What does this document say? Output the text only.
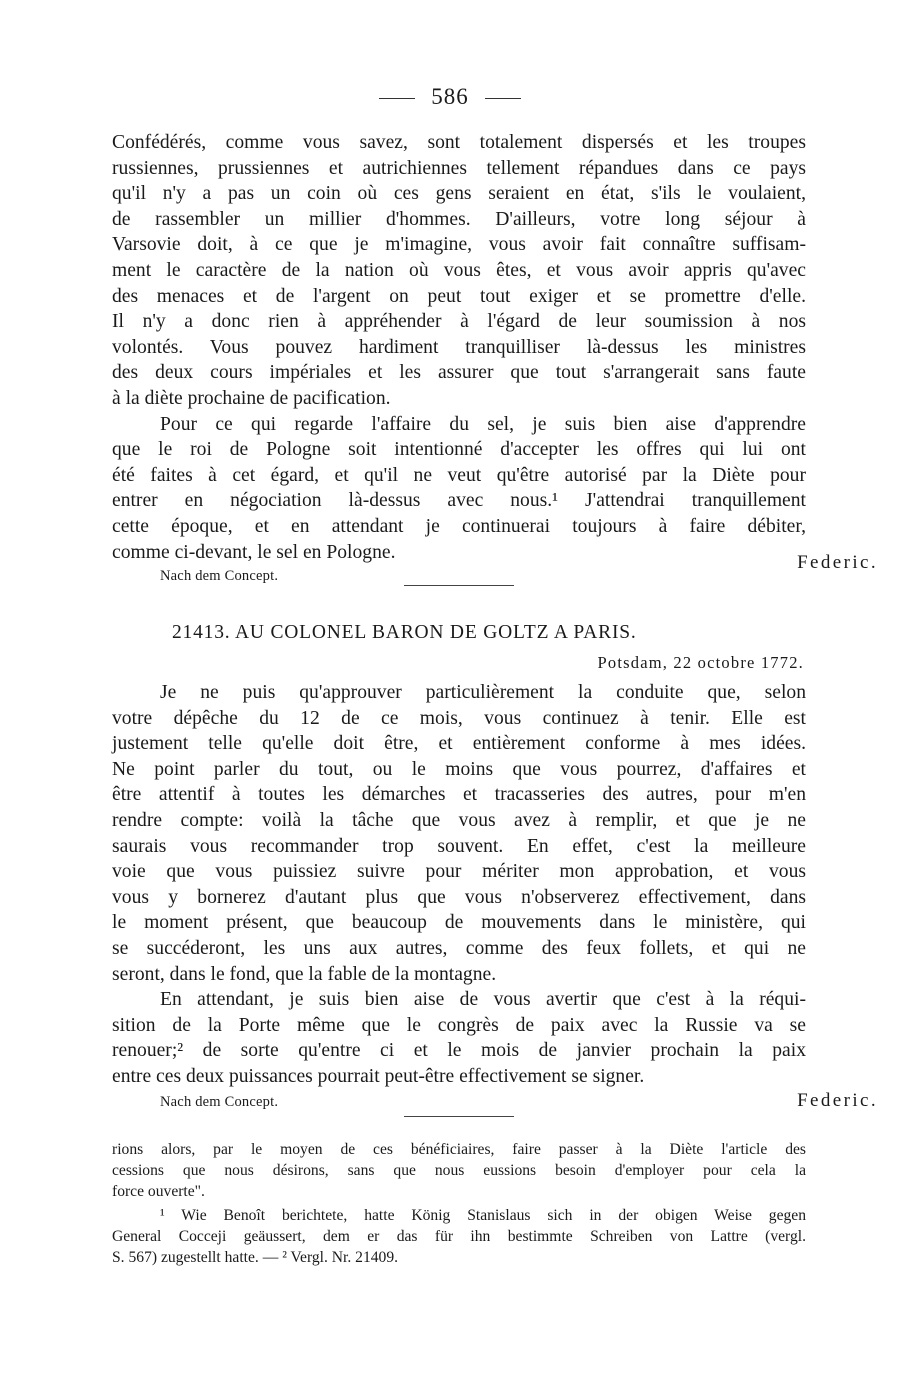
586
Confédérés, comme vous savez, sont totalement dispersés et les troupes
russiennes, prussiennes et autrichiennes tellement répandues dans ce pays
qu'il n'y a pas un coin où ces gens seraient en état, s'ils le voulaient,
de rassembler un millier d'hommes. D'ailleurs, votre long séjour à
Varsovie doit, à ce que je m'imagine, vous avoir fait connaître suffisam-
ment le caractère de la nation où vous êtes, et vous avoir appris qu'avec
des menaces et de l'argent on peut tout exiger et se promettre d'elle.
Il n'y a donc rien à appréhender à l'égard de leur soumission à nos
volontés. Vous pouvez hardiment tranquilliser là-dessus les ministres
des deux cours impériales et les assurer que tout s'arrangerait sans faute
à la diète prochaine de pacification.
Pour ce qui regarde l'affaire du sel, je suis bien aise d'apprendre
que le roi de Pologne soit intentionné d'accepter les offres qui lui ont
été faites à cet égard, et qu'il ne veut qu'être autorisé par la Diète pour
entrer en négociation là-dessus avec nous.¹ J'attendrai tranquillement
cette époque, et en attendant je continuerai toujours à faire débiter,
comme ci-devant, le sel en Pologne.	Federic.
Nach dem Concept.
21413. AU COLONEL BARON DE GOLTZ A PARIS.
Potsdam, 22 octobre 1772.
Je ne puis qu'approuver particulièrement la conduite que, selon
votre dépêche du 12 de ce mois, vous continuez à tenir. Elle est
justement telle qu'elle doit être, et entièrement conforme à mes idées.
Ne point parler du tout, ou le moins que vous pourrez, d'affaires et
être attentif à toutes les démarches et tracasseries des autres, pour m'en
rendre compte: voilà la tâche que vous avez à remplir, et que je ne
saurais vous recommander trop souvent. En effet, c'est la meilleure
voie que vous puissiez suivre pour mériter mon approbation, et vous
vous y bornerez d'autant plus que vous n'observerez effectivement, dans
le moment présent, que beaucoup de mouvements dans le ministère, qui
se succéderont, les uns aux autres, comme des feux follets, et qui ne
seront, dans le fond, que la fable de la montagne.
En attendant, je suis bien aise de vous avertir que c'est à la réqui-
sition de la Porte même que le congrès de paix avec la Russie va se
renouer;² de sorte qu'entre ci et le mois de janvier prochain la paix
entre ces deux puissances pourrait peut-être effectivement se signer.
Nach dem Concept.	Federic.
rions alors, par le moyen de ces bénéficiaires, faire passer à la Diète l'article des
cessions que nous désirons, sans que nous eussions besoin d'employer pour cela la
force ouverte".
¹ Wie Benoît berichtete, hatte König Stanislaus sich in der obigen Weise gegen
General Cocceji geäussert, dem er das für ihn bestimmte Schreiben von Lattre (vergl.
S. 567) zugestellt hatte. — ² Vergl. Nr. 21409.
